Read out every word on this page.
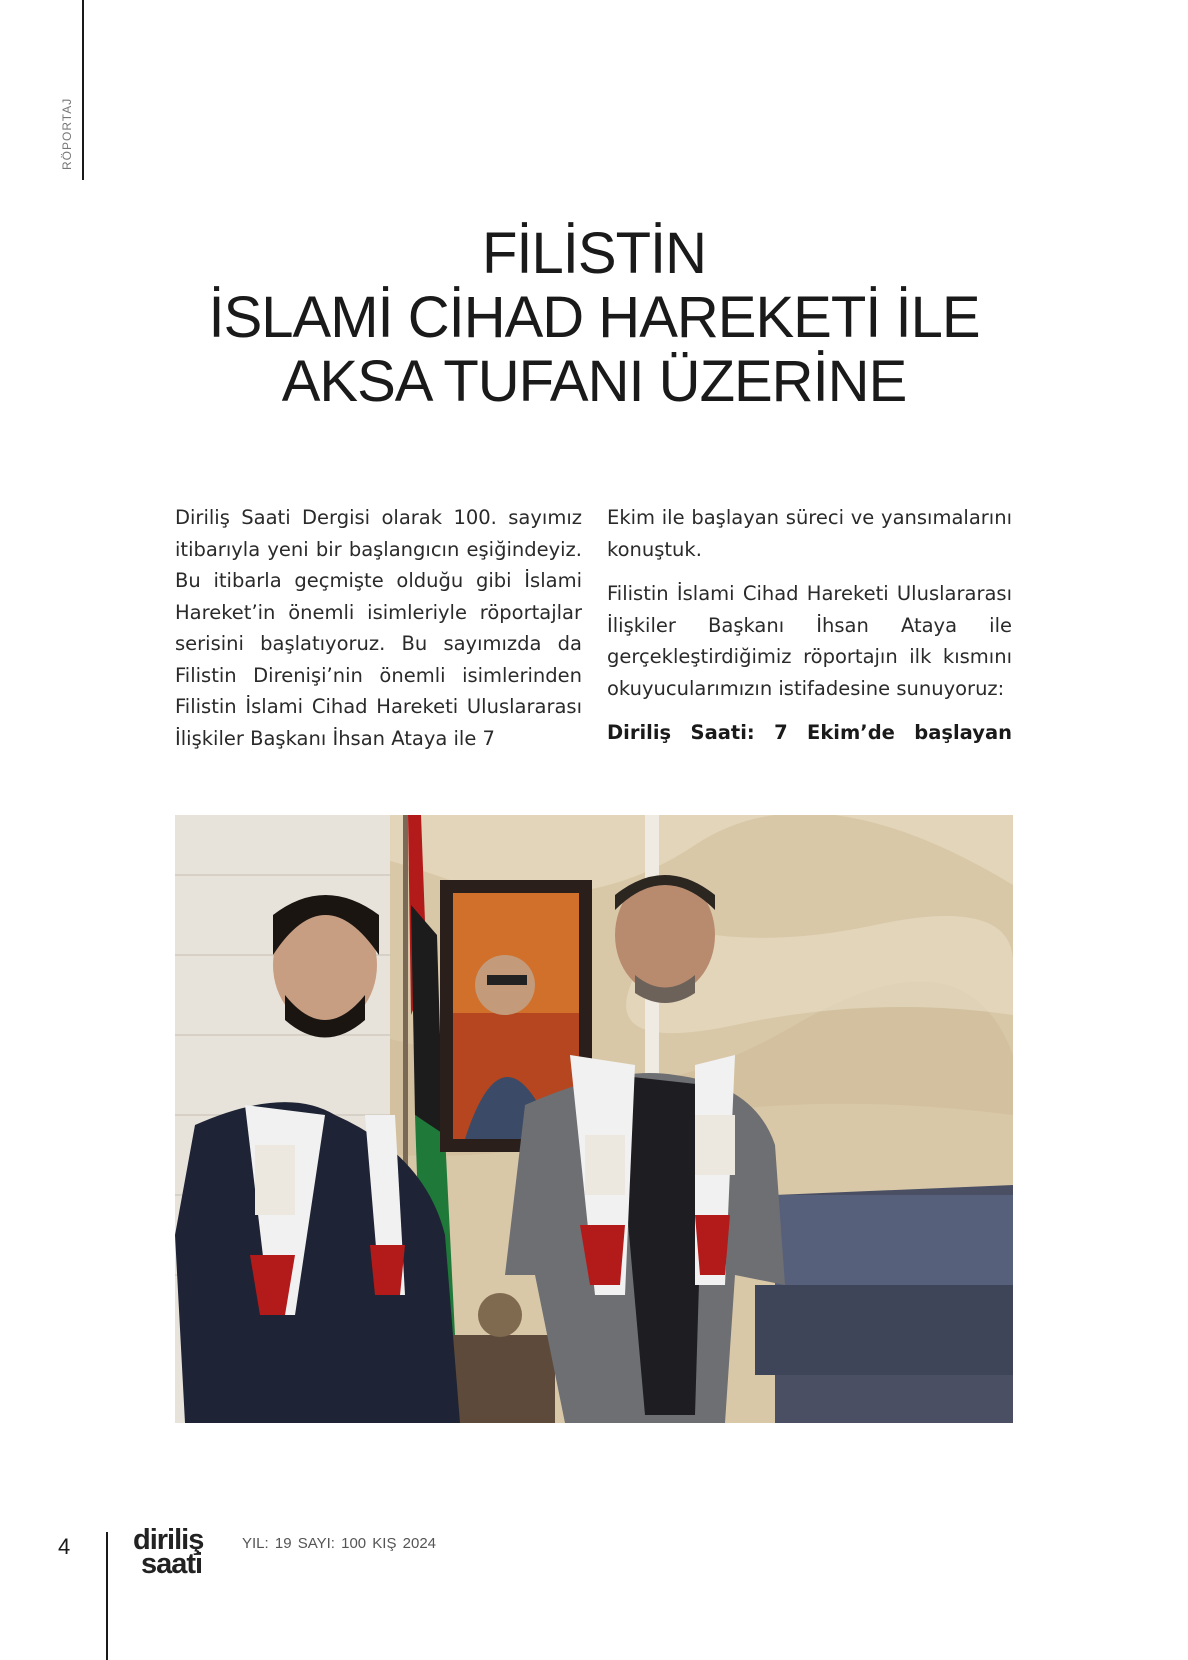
RÖPORTAJ
FİLİSTİN
İSLAMİ CİHAD HAREKETİ İLE
AKSA TUFANI ÜZERİNE

Diriliş Saati Dergisi olarak 100. sayımız itibarıyla yeni bir başlangıcın eşiğindeyiz. Bu itibarla geçmişte olduğu gibi İslami Hareket’in önemli isimleriyle röportajlar serisini başlatıyoruz. Bu sayımızda da Filistin Direnişi’nin önemli isimlerinden Filistin İslami Cihad Hareketi Uluslararası İlişkiler Başkanı İhsan Ataya ile 7

Ekim ile başlayan süreci ve yansımalarını konuştuk.

Filistin İslami Cihad Hareketi Uluslararası İlişkiler Başkanı İhsan Ataya ile gerçekleştirdiğimiz röportajın ilk kısmını okuyucularımızın istifadesine sunuyoruz:

Diriliş Saati: 7 Ekim’de başlayan

4 diriliş
saati
YIL: 19 SAYI: 100 KIŞ 2024
